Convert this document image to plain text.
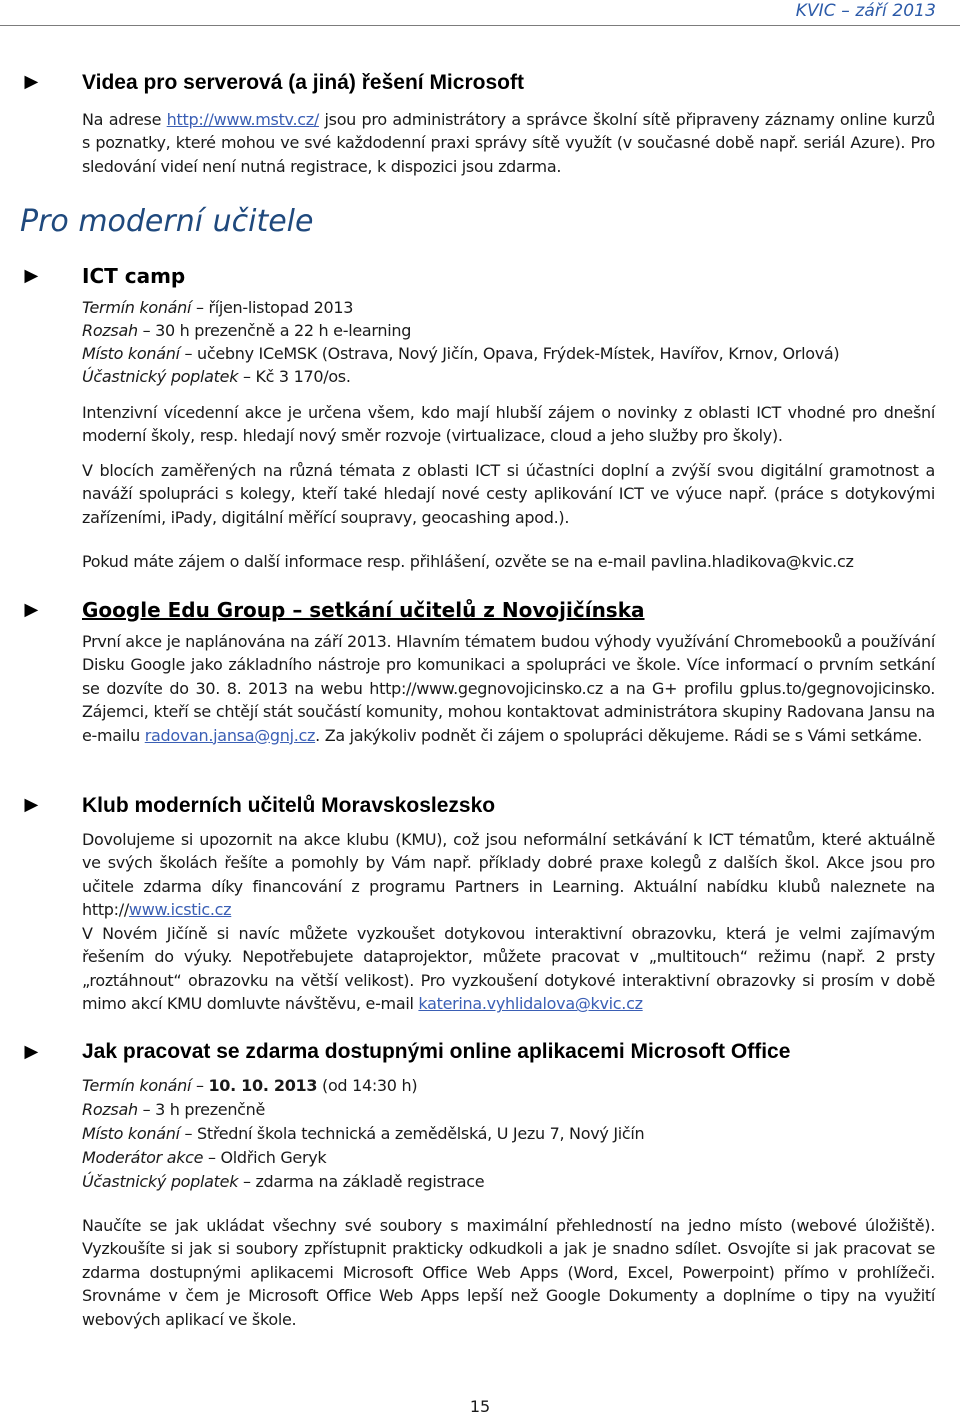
KVIC – září 2013
► Videa pro serverová (a jiná) řešení Microsoft
Na adrese http://www.mstv.cz/ jsou pro administrátory a správce školní sítě připraveny záznamy online kurzů s poznatky, které mohou ve své každodenní praxi správy sítě využít (v současné době např. seriál Azure). Pro sledování videí není nutná registrace, k dispozici jsou zdarma.
Pro moderní učitele
► ICT camp
Termín konání – říjen-listopad 2013
Rozsah – 30 h prezenčně a 22 h e-learning
Místo konání – učebny ICeMSK (Ostrava, Nový Jičín, Opava, Frýdek-Místek, Havířov, Krnov, Orlová)
Účastnický poplatek – Kč 3 170/os.
Intenzivní vícedenní akce je určena všem, kdo mají hlubší zájem o novinky z oblasti ICT vhodné pro dnešní moderní školy, resp. hledají nový směr rozvoje (virtualizace, cloud a jeho služby pro školy).
V blocích zaměřených na různá témata z oblasti ICT si účastníci doplní a zvýší svou digitální gramotnost a naváží spolupráci s kolegy, kteří také hledají nové cesty aplikování ICT ve výuce např. (práce s dotykovými zařízeními, iPady, digitální měřící soupravy, geocashing apod.).
Pokud máte zájem o další informace resp. přihlášení, ozvěte se na e-mail pavlina.hladikova@kvic.cz
► Google Edu Group – setkání učitelů z Novojičínska
První akce je naplánována na září 2013. Hlavním tématem budou výhody využívání Chromebooků a používání Disku Google jako základního nástroje pro komunikaci a spolupráci ve škole. Více informací o prvním setkání se dozvíte do 30. 8. 2013 na webu http://www.gegnovojicinsko.cz a na G+ profilu gplus.to/gegnovojicinsko. Zájemci, kteří se chtějí stát součástí komunity, mohou kontaktovat administrátora skupiny Radovana Jansu na e-mailu radovan.jansa@gnj.cz. Za jakýkoliv podnět či zájem o spolupráci děkujeme. Rádi se s Vámi setkáme.
► Klub moderních učitelů Moravskoslezsko
Dovolujeme si upozornit na akce klubu (KMU), což jsou neformální setkávání k ICT tématům, které aktuálně ve svých školách řešíte a pomohly by Vám např. příklady dobré praxe kolegů z dalších škol. Akce jsou pro učitele zdarma díky financování z programu Partners in Learning. Aktuální nabídku klubů naleznete na http://www.icstic.cz
V Novém Jičíně si navíc můžete vyzkoušet dotykovou interaktivní obrazovku, která je velmi zajímavým řešením do výuky. Nepotřebujete dataprojektor, můžete pracovat v „multitouch“ režimu (např. 2 prsty „roztáhnout“ obrazovku na větší velikost). Pro vyzkoušení dotykové interaktivní obrazovky si prosím v době mimo akcí KMU domluvte návštěvu, e-mail katerina.vyhlidalova@kvic.cz
► Jak pracovat se zdarma dostupnými online aplikacemi Microsoft Office
Termín konání – 10. 10. 2013 (od 14:30 h)
Rozsah – 3 h prezenčně
Místo konání – Střední škola technická a zemědělská, U Jezu 7, Nový Jičín
Moderátor akce – Oldřich Geryk
Účastnický poplatek – zdarma na základě registrace
Naučíte se jak ukládat všechny své soubory s maximální přehledností na jedno místo (webové úložiště). Vyzkoušíte si jak si soubory zpřístupnit prakticky odkudkoli a jak je snadno sdílet. Osvojíte si jak pracovat se zdarma dostupnými aplikacemi Microsoft Office Web Apps (Word, Excel, Powerpoint) přímo v prohlížeči. Srovnáme v čem je Microsoft Office Web Apps lepší než Google Dokumenty a doplníme o tipy na využití webových aplikací ve škole.
15
